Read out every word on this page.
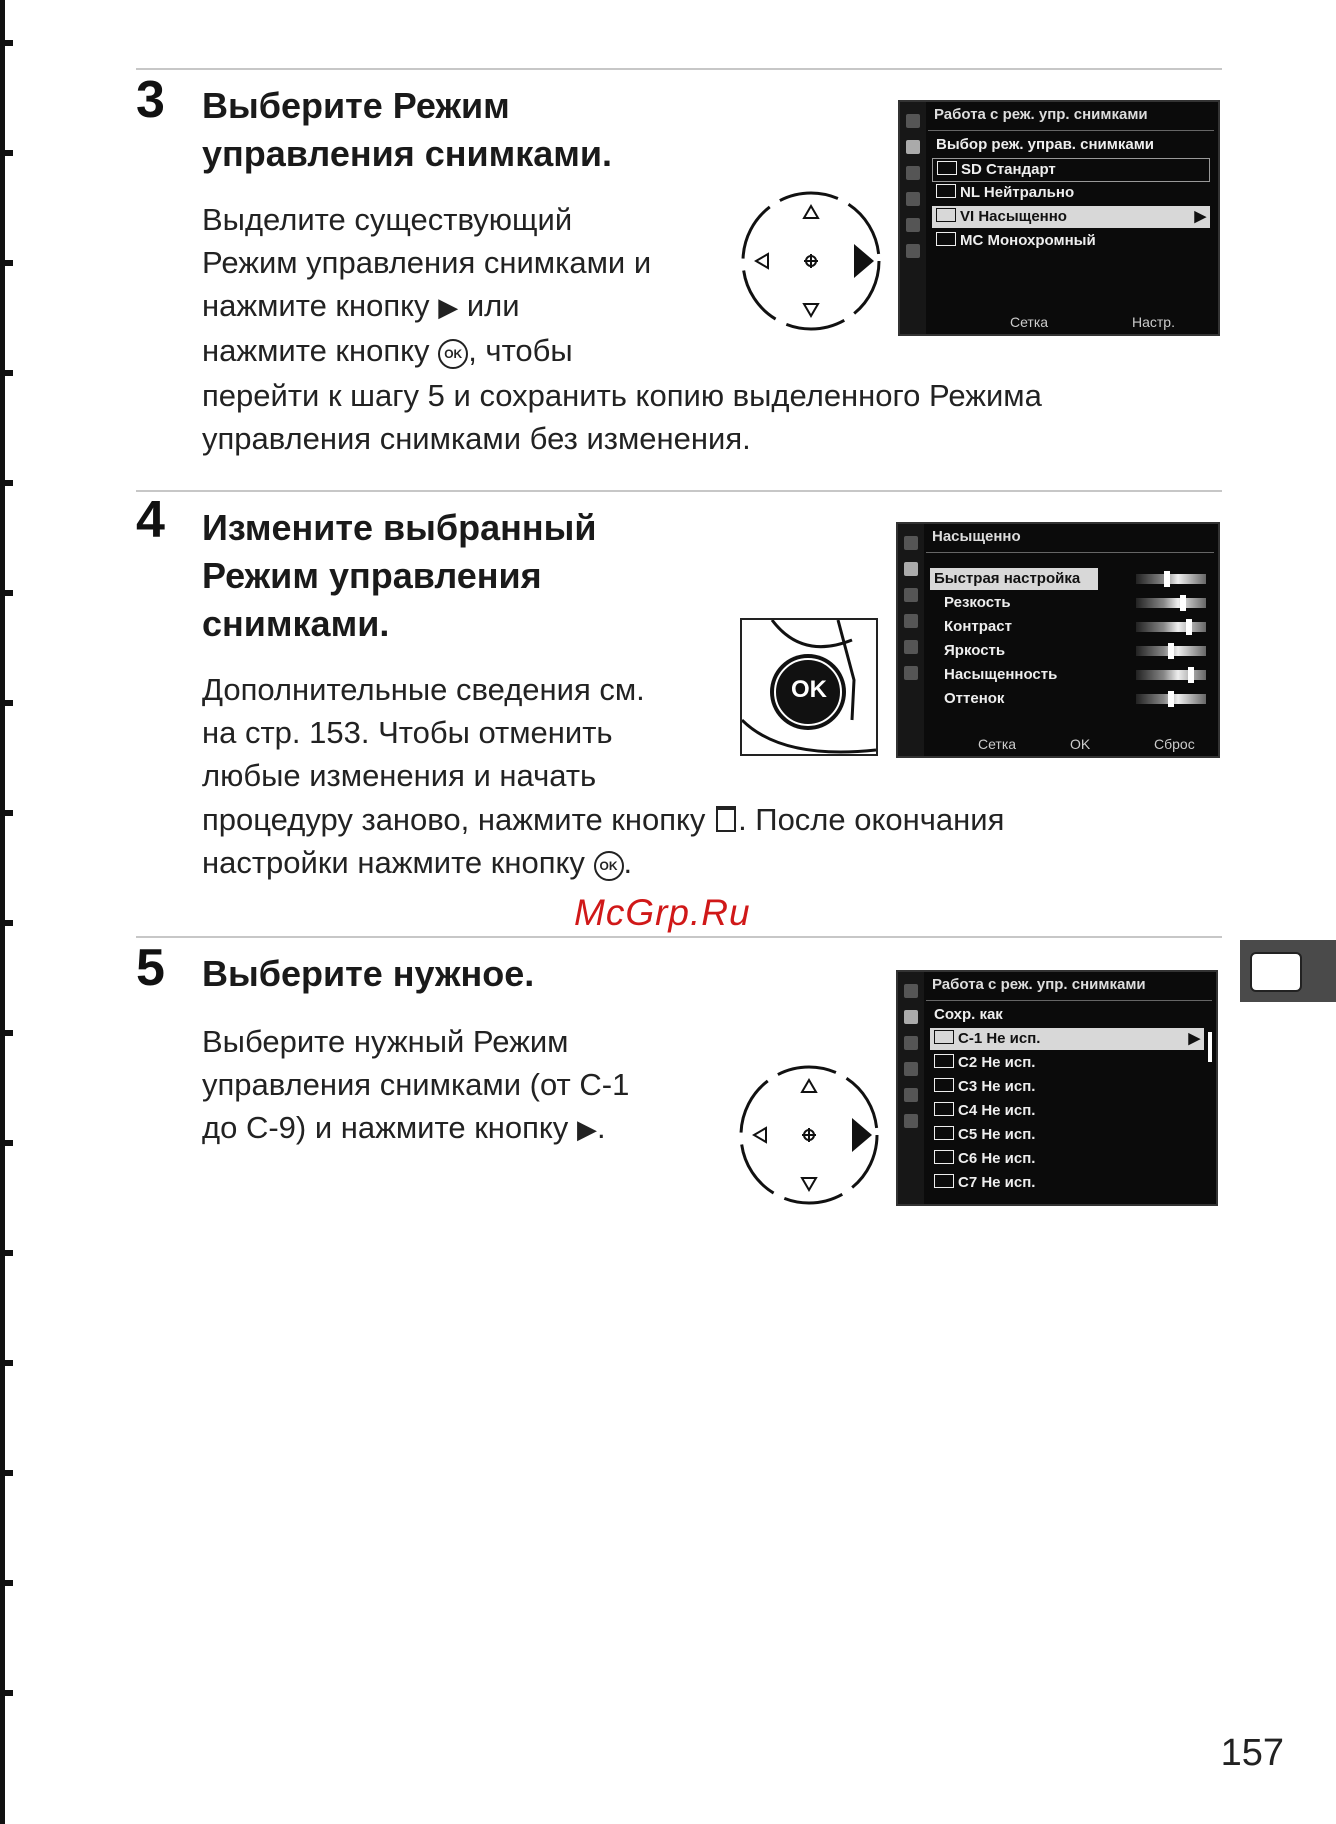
3 Выберите Режим
управления снимками.
Выделите существующий
Режим управления снимками и
нажмите кнопку ▶ или
нажмите кнопку OK , чтобы
перейти к шагу 5 и сохранить копию выделенного Режима
управления снимками без изменения.
Работа с реж. упр. снимками
Выбор реж. управ. снимками
SD Стандарт
NL Нейтрально
VI Насыщенно	▶
MC Монохромный
Сетка	Настр.
4 Измените выбранный
Режим управления
снимками.
Дополнительные сведения см.
на стр. 153. Чтобы отменить
любые изменения и начать
процедуру заново, нажмите кнопку . После окончания
настройки нажмите кнопку OK .
OK
Насыщенно
Быстрая настройка
Резкость
Контраст
Яркость
Насыщенность
Оттенок
Сетка	OK	Сброс
McGrp.Ru
5 Выберите нужное.
Выберите нужный Режим
управления снимками (от C-1
до C-9) и нажмите кнопку ▶.
Работа с реж. упр. снимками
Сохр. как
C-1 Не исп.	▶
C2 Не исп.
C3 Не исп.
C4 Не исп.
C5 Не исп.
C6 Не исп.
C7 Не исп.
157
